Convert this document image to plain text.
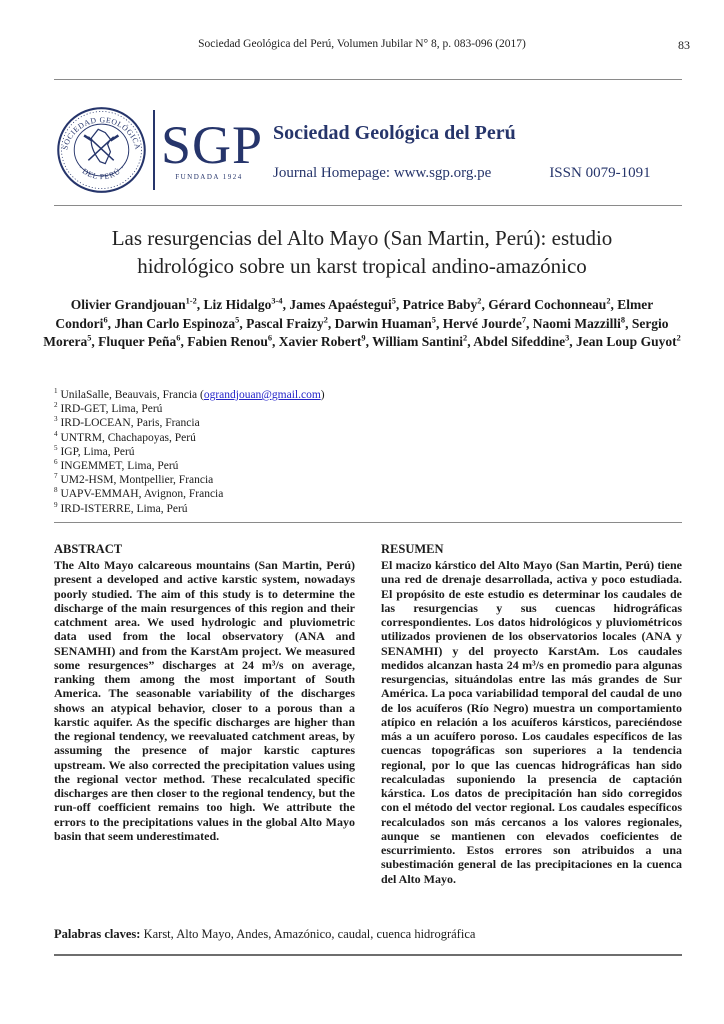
Sociedad Geológica del Perú, Volumen Jubilar N° 8, p. 083-096 (2017)	83
SOCIEDAD GEOLÓGICA
· DEL PERÚ · SGP
FUNDADA 1924
Sociedad Geológica del Perú
Journal Homepage: www.sgp.org.pe	ISSN 0079-1091
Las resurgencias del Alto Mayo (San Martin, Perú): estudio hidrológico sobre un karst tropical andino-amazónico
Olivier Grandjouan$^{1-2}$, Liz Hidalgo$^{3-4}$, James Apaéstegui$^5$, Patrice Baby$^2$, Gérard Cochonneau$^2$, Elmer Condori$^6$, Jhan Carlo Espinoza$^5$, Pascal Fraizy$^2$, Darwin Huaman$^5$, Hervé Jourde$^7$, Naomi Mazzilli$^8$, Sergio Morera$^5$, Fluquer Peña$^6$, Fabien Renou$^6$, Xavier Robert$^9$, William Santini$^2$, Abdel Sifeddine$^3$, Jean Loup Guyot$^2$
$^1$ UnilaSalle, Beauvais, Francia (ograndjouan@gmail.com)
$^2$ IRD-GET, Lima, Perú
$^3$ IRD-LOCEAN, Paris, Francia
$^4$ UNTRM, Chachapoyas, Perú
$^5$ IGP, Lima, Perú
$^6$ INGEMMET, Lima, Perú
$^7$ UM2-HSM, Montpellier, Francia
$^8$ UAPV-EMMAH, Avignon, Francia
$^9$ IRD-ISTERRE, Lima, Perú
ABSTRACT
The Alto Mayo calcareous mountains (San Martin, Perú) present a developed and active karstic system, nowadays poorly studied. The aim of this study is to determine the discharge of the main resurgences of this region and their catchment area. We used hydrologic and pluviometric data used from the local observatory (ANA and SENAMHI) and from the KarstAm project. We measured some resurgences” discharges at 24 m³/s on average, ranking them among the most important of South America. The seasonable variability of the discharges shows an atypical behavior, closer to a porous than a karstic aquifer. As the specific discharges are higher than the regional tendency, we reevaluated catchment areas, by assuming the presence of major karstic captures upstream. We also corrected the precipitation values using the regional vector method. These recalculated specific discharges are then closer to the regional tendency, but the run-off coefficient remains too high. We attribute the errors to the precipitations values in the global Alto Mayo basin that seem underestimated.
RESUMEN
El macizo kárstico del Alto Mayo (San Martin, Perú) tiene una red de drenaje desarrollada, activa y poco estudiada. El propósito de este estudio es determinar los caudales de las resurgencias y sus cuencas hidrográficas correspondientes. Los datos hidrológicos y pluviométricos utilizados provienen de los observatorios locales (ANA y SENAMHI) y del proyecto KarstAm. Los caudales medidos alcanzan hasta 24 m³/s en promedio para algunas resurgencias, situándolas entre las más grandes de Sur América. La poca variabilidad temporal del caudal de uno de los acuíferos (Río Negro) muestra un comportamiento atípico en relación a los acuíferos kársticos, pareciéndose más a un acuífero poroso. Los caudales específicos de las cuencas topográficas son superiores a la tendencia regional, por lo que las cuencas hidrográficas han sido recalculadas suponiendo la presencia de captación kárstica. Los datos de precipitación han sido corregidos con el método del vector regional. Los caudales específicos recalculados son más cercanos a los valores regionales, aunque se mantienen con elevados coeficientes de escurrimiento. Estos errores son atribuidos a una subestimación general de las precipitaciones en la cuenca del Alto Mayo.
Palabras claves: Karst, Alto Mayo, Andes, Amazónico, caudal, cuenca hidrográfica
